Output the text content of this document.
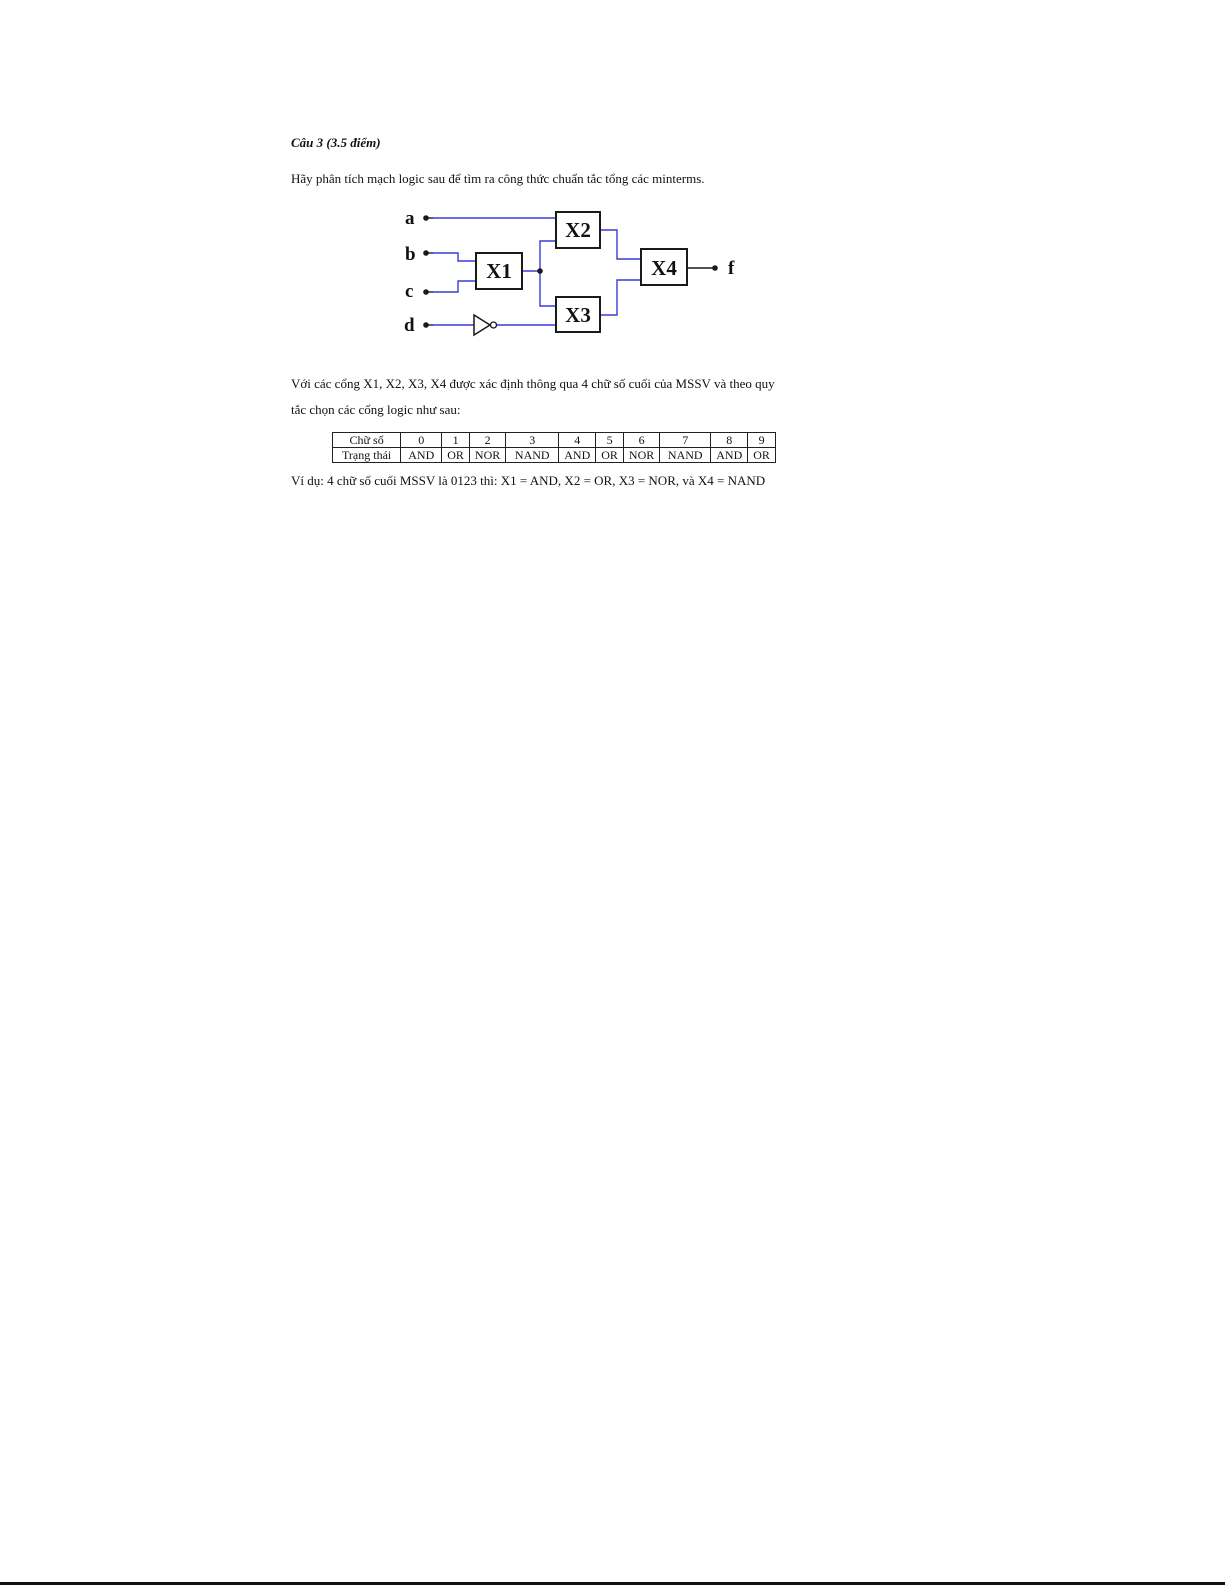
Câu 3 (3.5 điểm)
Hãy phân tích mạch logic sau để tìm ra công thức chuẩn tắc tổng các minterms.
X1
X2
X3
X4
a
b
c
d
f
Với các cổng X1, X2, X3, X4 được xác định thông qua 4 chữ số cuối của MSSV và theo quy
tắc chọn các cổng logic như sau:
Chữ số	0	1	2	3	4	5	6	7	8	9
Trạng thái	AND	OR	NOR	NAND	AND	OR	NOR	NAND	AND	OR
Ví dụ: 4 chữ số cuối MSSV là 0123 thì: X1 = AND, X2 = OR, X3 = NOR, và X4 = NAND
